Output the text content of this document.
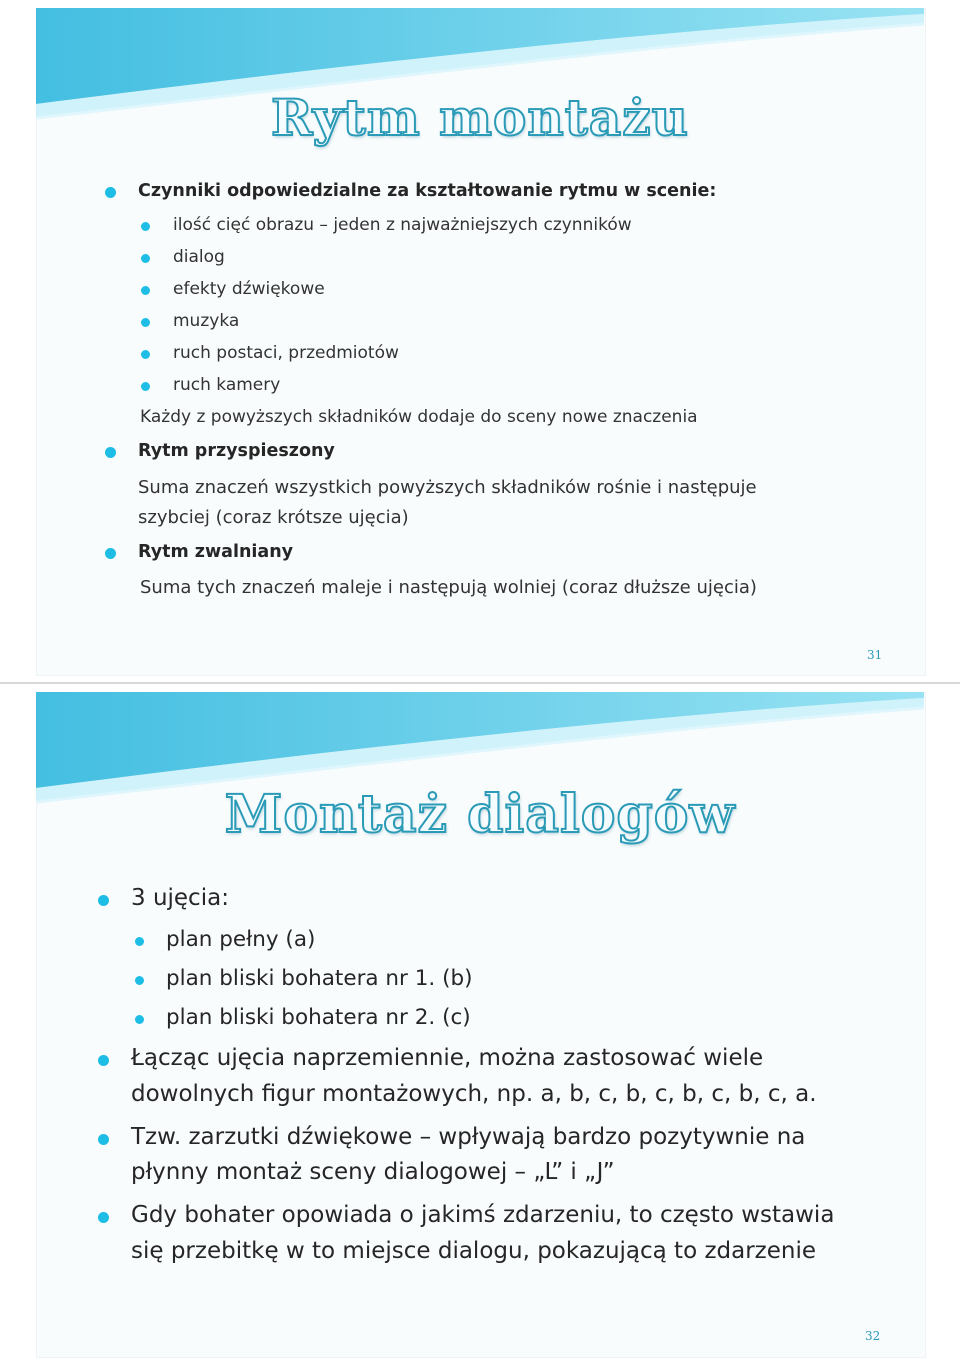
Rytm montażu
Czynniki odpowiedzialne za kształtowanie rytmu w scenie:
ilość cięć obrazu – jeden z najważniejszych czynników
dialog
efekty dźwiękowe
muzyka
ruch postaci, przedmiotów
ruch kamery
Każdy z powyższych składników dodaje do sceny nowe znaczenia
Rytm przyspieszony
Suma znaczeń wszystkich powyższych składników rośnie i następuje
szybciej (coraz krótsze ujęcia)
Rytm zwalniany
Suma tych znaczeń maleje i następują wolniej (coraz dłuższe ujęcia)
31
Montaż dialogów
3 ujęcia:
plan pełny (a)
plan bliski bohatera nr 1. (b)
plan bliski bohatera nr 2. (c)
Łącząc ujęcia naprzemiennie, można zastosować wiele
dowolnych figur montażowych, np. a, b, c, b, c, b, c, b, c, a.
Tzw. zarzutki dźwiękowe – wpływają bardzo pozytywnie na
płynny montaż sceny dialogowej – „L” i „J”
Gdy bohater opowiada o jakimś zdarzeniu, to często wstawia
się przebitkę w to miejsce dialogu, pokazującą to zdarzenie
32
